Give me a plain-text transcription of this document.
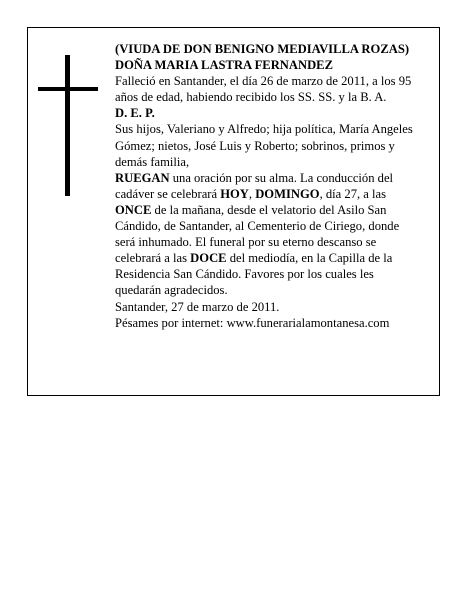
(VIUDA DE DON BENIGNO MEDIAVILLA ROZAS)

DOÑA MARIA LASTRA FERNANDEZ

Falleció en Santander, el día 26 de marzo de 2011, a los 95 años de edad, habiendo recibido los SS. SS. y la B. A.

D. E. P.

Sus hijos, Valeriano y Alfredo; hija política, María Angeles Gómez; nietos, José Luis y Roberto; sobrinos, primos y demás familia,

RUEGAN una oración por su alma. La conducción del cadáver se celebrará HOY, DOMINGO, día 27, a las ONCE de la mañana, desde el velatorio del Asilo San Cándido, de Santander, al Cementerio de Ciriego, donde será inhumado. El funeral por su eterno descanso se celebrará a las DOCE del mediodía, en la Capilla de la Residencia San Cándido. Favores por los cuales les quedarán agradecidos.

Santander, 27 de marzo de 2011.

Pésames por internet: www.funerarialamontanesa.com
